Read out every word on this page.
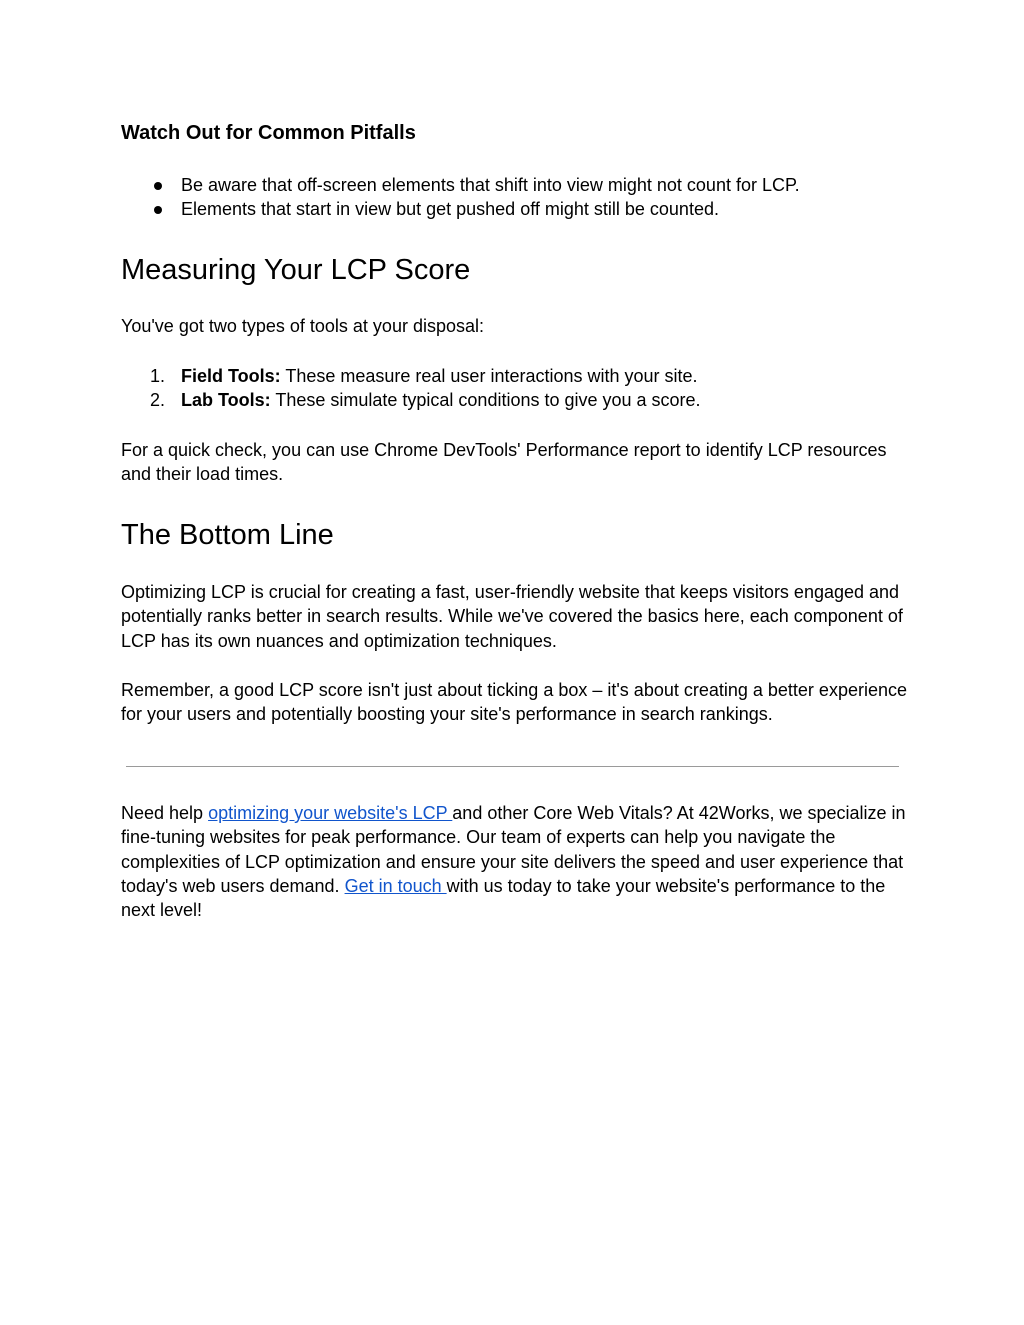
Watch Out for Common Pitfalls
Be aware that off-screen elements that shift into view might not count for LCP.
Elements that start in view but get pushed off might still be counted.
Measuring Your LCP Score

You've got two types of tools at your disposal:

1. Field Tools: These measure real user interactions with your site.
2. Lab Tools: These simulate typical conditions to give you a score.

For a quick check, you can use Chrome DevTools' Performance report to identify LCP resources and their load times.

The Bottom Line

Optimizing LCP is crucial for creating a fast, user-friendly website that keeps visitors engaged and potentially ranks better in search results. While we've covered the basics here, each component of LCP has its own nuances and optimization techniques.

Remember, a good LCP score isn't just about ticking a box – it's about creating a better experience for your users and potentially boosting your site's performance in search rankings.

Need help optimizing your website's LCP and other Core Web Vitals? At 42Works, we specialize in fine-tuning websites for peak performance. Our team of experts can help you navigate the complexities of LCP optimization and ensure your site delivers the speed and user experience that today's web users demand. Get in touch with us today to take your website's performance to the next level!
